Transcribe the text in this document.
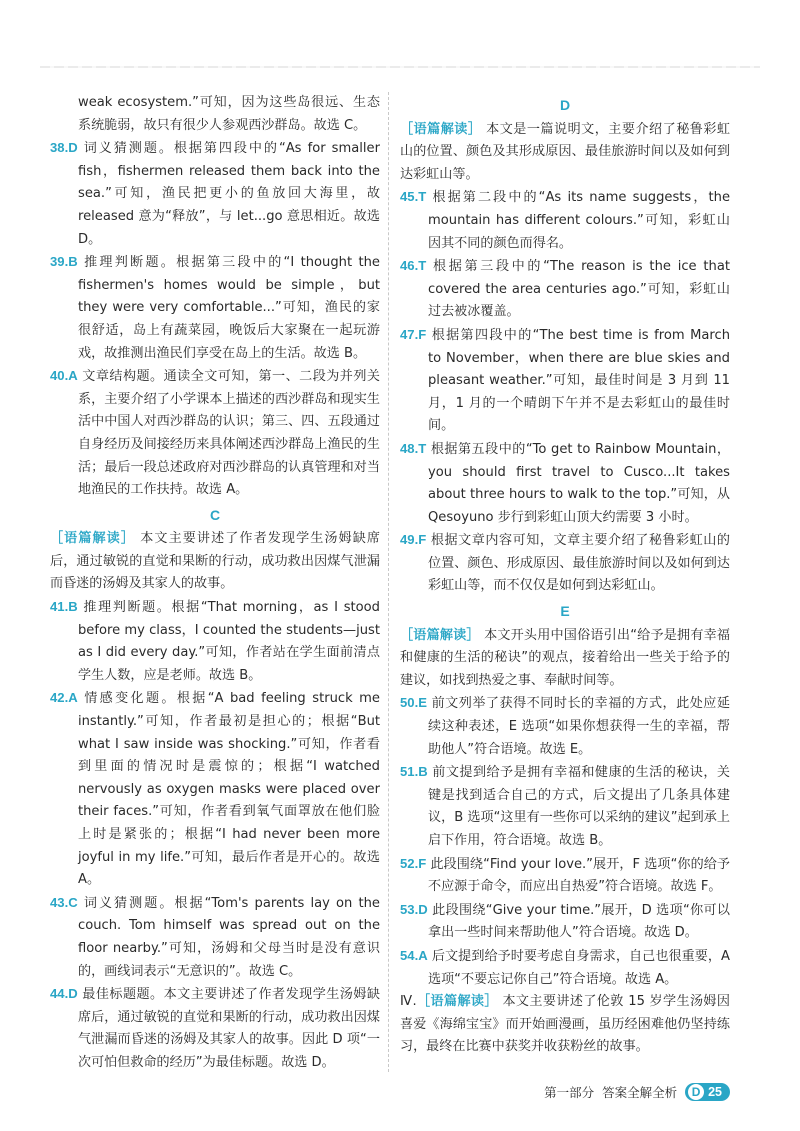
weak ecosystem.”可知，因为这些岛很远、生态系统脆弱，故只有很少人参观西沙群岛。故选 C。

38.D 词义猜测题。根据第四段中的“As for smaller fish，fishermen released them back into the sea.”可知，渔民把更小的鱼放回大海里，故 released 意为“释放”，与 let...go 意思相近。故选 D。

39.B 推理判断题。根据第三段中的“I thought the fishermen's homes would be simple，but they were very comfortable...”可知，渔民的家很舒适，岛上有蔬菜园，晚饭后大家聚在一起玩游戏，故推测出渔民们享受在岛上的生活。故选 B。

40.A 文章结构题。通读全文可知，第一、二段为并列关系，主要介绍了小学课本上描述的西沙群岛和现实生活中中国人对西沙群岛的认识；第三、四、五段通过自身经历及间接经历来具体阐述西沙群岛上渔民的生活；最后一段总述政府对西沙群岛的认真管理和对当地渔民的工作扶持。故选 A。

C

［语篇解读］ 本文主要讲述了作者发现学生汤姆缺席后，通过敏锐的直觉和果断的行动，成功救出因煤气泄漏而昏迷的汤姆及其家人的故事。

41.B 推理判断题。根据“That morning，as I stood before my class，I counted the students—just as I did every day.”可知，作者站在学生面前清点学生人数，应是老师。故选 B。

42.A 情感变化题。根据“A bad feeling struck me instantly.”可知，作者最初是担心的；根据“But what I saw inside was shocking.”可知，作者看到里面的情况时是震惊的；根据“I watched nervously as oxygen masks were placed over their faces.”可知，作者看到氧气面罩放在他们脸上时是紧张的；根据“I had never been more joyful in my life.”可知，最后作者是开心的。故选 A。

43.C 词义猜测题。根据“Tom's parents lay on the couch. Tom himself was spread out on the floor nearby.”可知，汤姆和父母当时是没有意识的，画线词表示“无意识的”。故选 C。

44.D 最佳标题题。本文主要讲述了作者发现学生汤姆缺席后，通过敏锐的直觉和果断的行动，成功救出因煤气泄漏而昏迷的汤姆及其家人的故事。因此 D 项“一次可怕但救命的经历”为最佳标题。故选 D。

D

［语篇解读］ 本文是一篇说明文，主要介绍了秘鲁彩虹山的位置、颜色及其形成原因、最佳旅游时间以及如何到达彩虹山等。

45.T 根据第二段中的“As its name suggests，the mountain has different colours.”可知，彩虹山因其不同的颜色而得名。

46.T 根据第三段中的“The reason is the ice that covered the area centuries ago.”可知，彩虹山过去被冰覆盖。

47.F 根据第四段中的“The best time is from March to November，when there are blue skies and pleasant weather.”可知，最佳时间是 3 月到 11 月，1 月的一个晴朗下午并不是去彩虹山的最佳时间。

48.T 根据第五段中的“To get to Rainbow Mountain，you should first travel to Cusco...It takes about three hours to walk to the top.”可知，从 Qesoyuno 步行到彩虹山顶大约需要 3 小时。

49.F 根据文章内容可知，文章主要介绍了秘鲁彩虹山的位置、颜色、形成原因、最佳旅游时间以及如何到达彩虹山等，而不仅仅是如何到达彩虹山。

E

［语篇解读］ 本文开头用中国俗语引出“给予是拥有幸福和健康的生活的秘诀”的观点，接着给出一些关于给予的建议，如找到热爱之事、奉献时间等。

50.E 前文列举了获得不同时长的幸福的方式，此处应延续这种表述，E 选项“如果你想获得一生的幸福，帮助他人”符合语境。故选 E。

51.B 前文提到给予是拥有幸福和健康的生活的秘诀，关键是找到适合自己的方式，后文提出了几条具体建议，B 选项“这里有一些你可以采纳的建议”起到承上启下作用，符合语境。故选 B。

52.F 此段围绕“Find your love.”展开，F 选项“你的给予不应源于命令，而应出自热爱”符合语境。故选 F。

53.D 此段围绕“Give your time.”展开，D 选项“你可以拿出一些时间来帮助他人”符合语境。故选 D。

54.A 后文提到给予时要考虑自身需求，自己也很重要，A 选项“不要忘记你自己”符合语境。故选 A。

Ⅳ.［语篇解读］ 本文主要讲述了伦敦 15 岁学生汤姆因喜爱《海绵宝宝》而开始画漫画，虽历经困难他仍坚持练习，最终在比赛中获奖并收获粉丝的故事。

第一部分 答案全解全析	D 25
